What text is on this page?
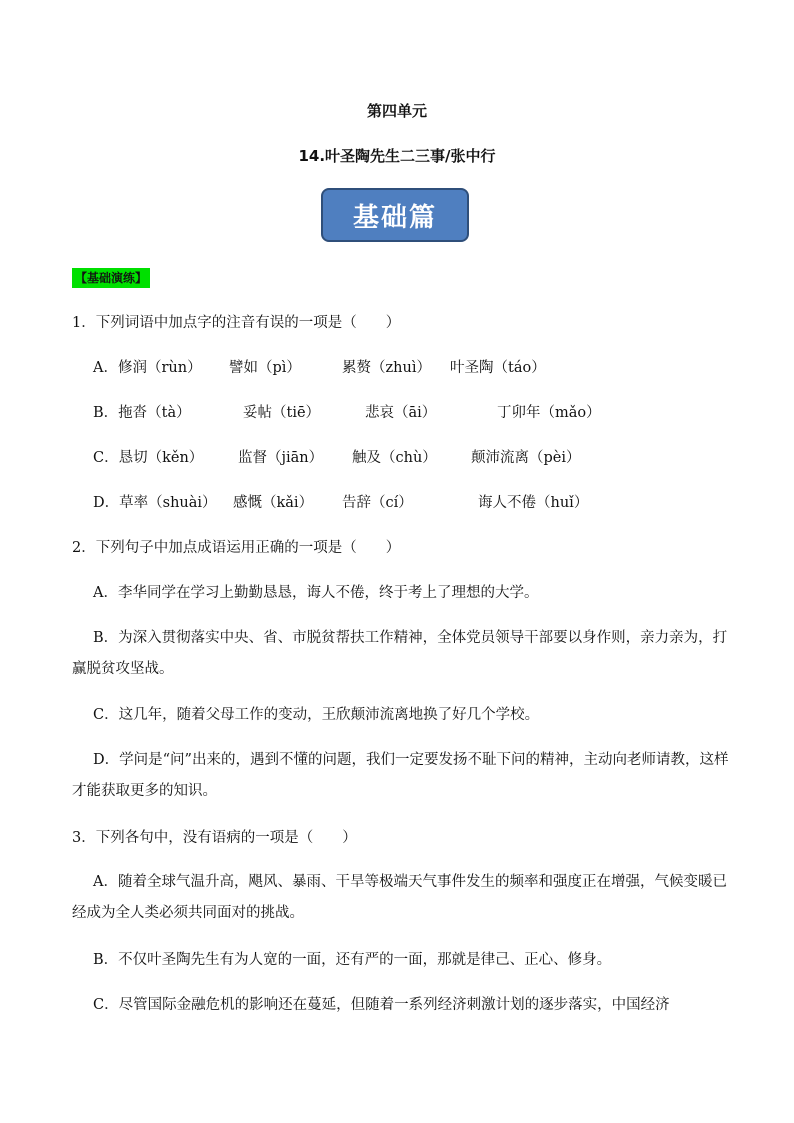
第四单元
14.叶圣陶先生二三事/张中行
基础篇
【基础演练】
1．下列词语中加点字的注音有误的一项是（　　）
A．修润（rùn） 譬如（pì）	累赘（zhuì） 叶圣陶（táo）
B．拖沓（tà）	妥帖（tiē）	悲哀（āi）	丁卯年（mǎo）
C．恳切（kěn） 监督（jiān） 触及（chù） 颠沛流离（pèi）
D．草率（shuài） 感慨（kǎi） 告辞（cí）	诲人不倦（huǐ）
2．下列句子中加点成语运用正确的一项是（　　）
A．李华同学在学习上勤勤恳恳，诲人不倦，终于考上了理想的大学。
B．为深入贯彻落实中央、省、市脱贫帮扶工作精神，全体党员领导干部要以身作则，亲力亲为，打赢脱贫攻坚战。
C．这几年，随着父母工作的变动，王欣颠沛流离地换了好几个学校。
D．学问是“问”出来的，遇到不懂的问题，我们一定要发扬不耻下问的精神，主动向老师请教，这样才能获取更多的知识。
3．下列各句中，没有语病的一项是（　　）
A．随着全球气温升高，飓风、暴雨、干旱等极端天气事件发生的频率和强度正在增强，气候变暖已经成为全人类必须共同面对的挑战。
B．不仅叶圣陶先生有为人宽的一面，还有严的一面，那就是律己、正心、修身。
C．尽管国际金融危机的影响还在蔓延，但随着一系列经济刺激计划的逐步落实，中国经济
